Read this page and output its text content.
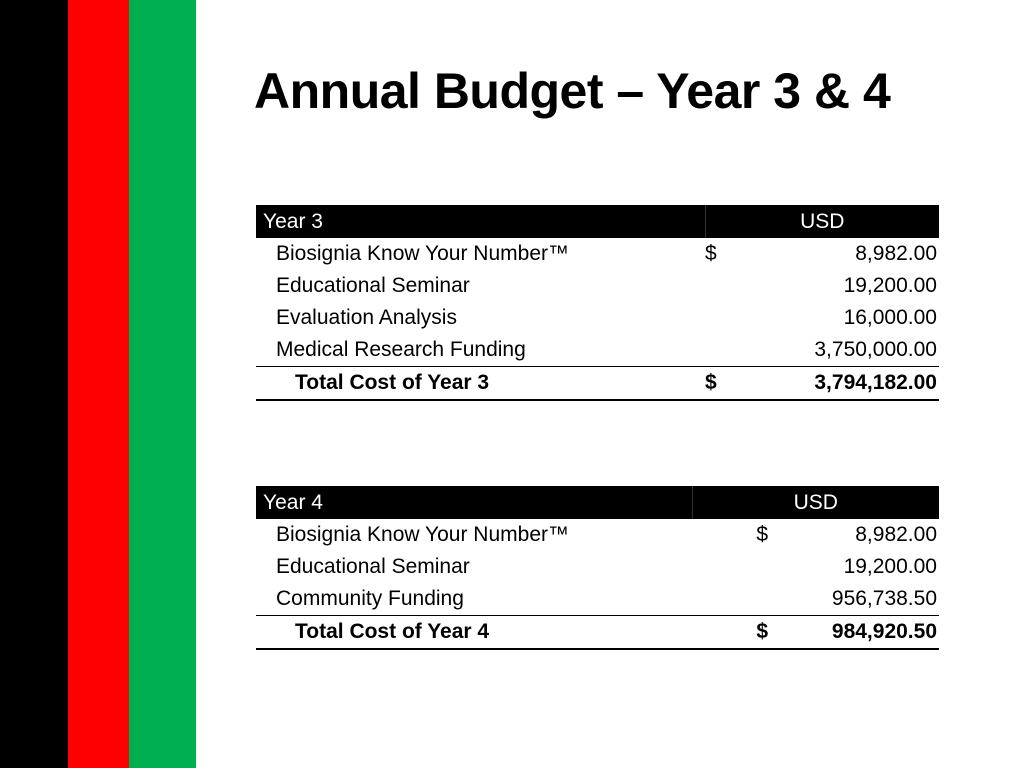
Annual Budget – Year 3 & 4
Year 3	USD	
Biosignia Know Your Number™	$	8,982.00
Educational Seminar		19,200.00
Evaluation Analysis		16,000.00
Medical Research Funding		3,750,000.00
Total Cost of Year 3	$	3,794,182.00
Year 4	USD	
Biosignia Know Your Number™	$	8,982.00
Educational Seminar		19,200.00
Community Funding		956,738.50
Total Cost of Year 4	$	984,920.50
